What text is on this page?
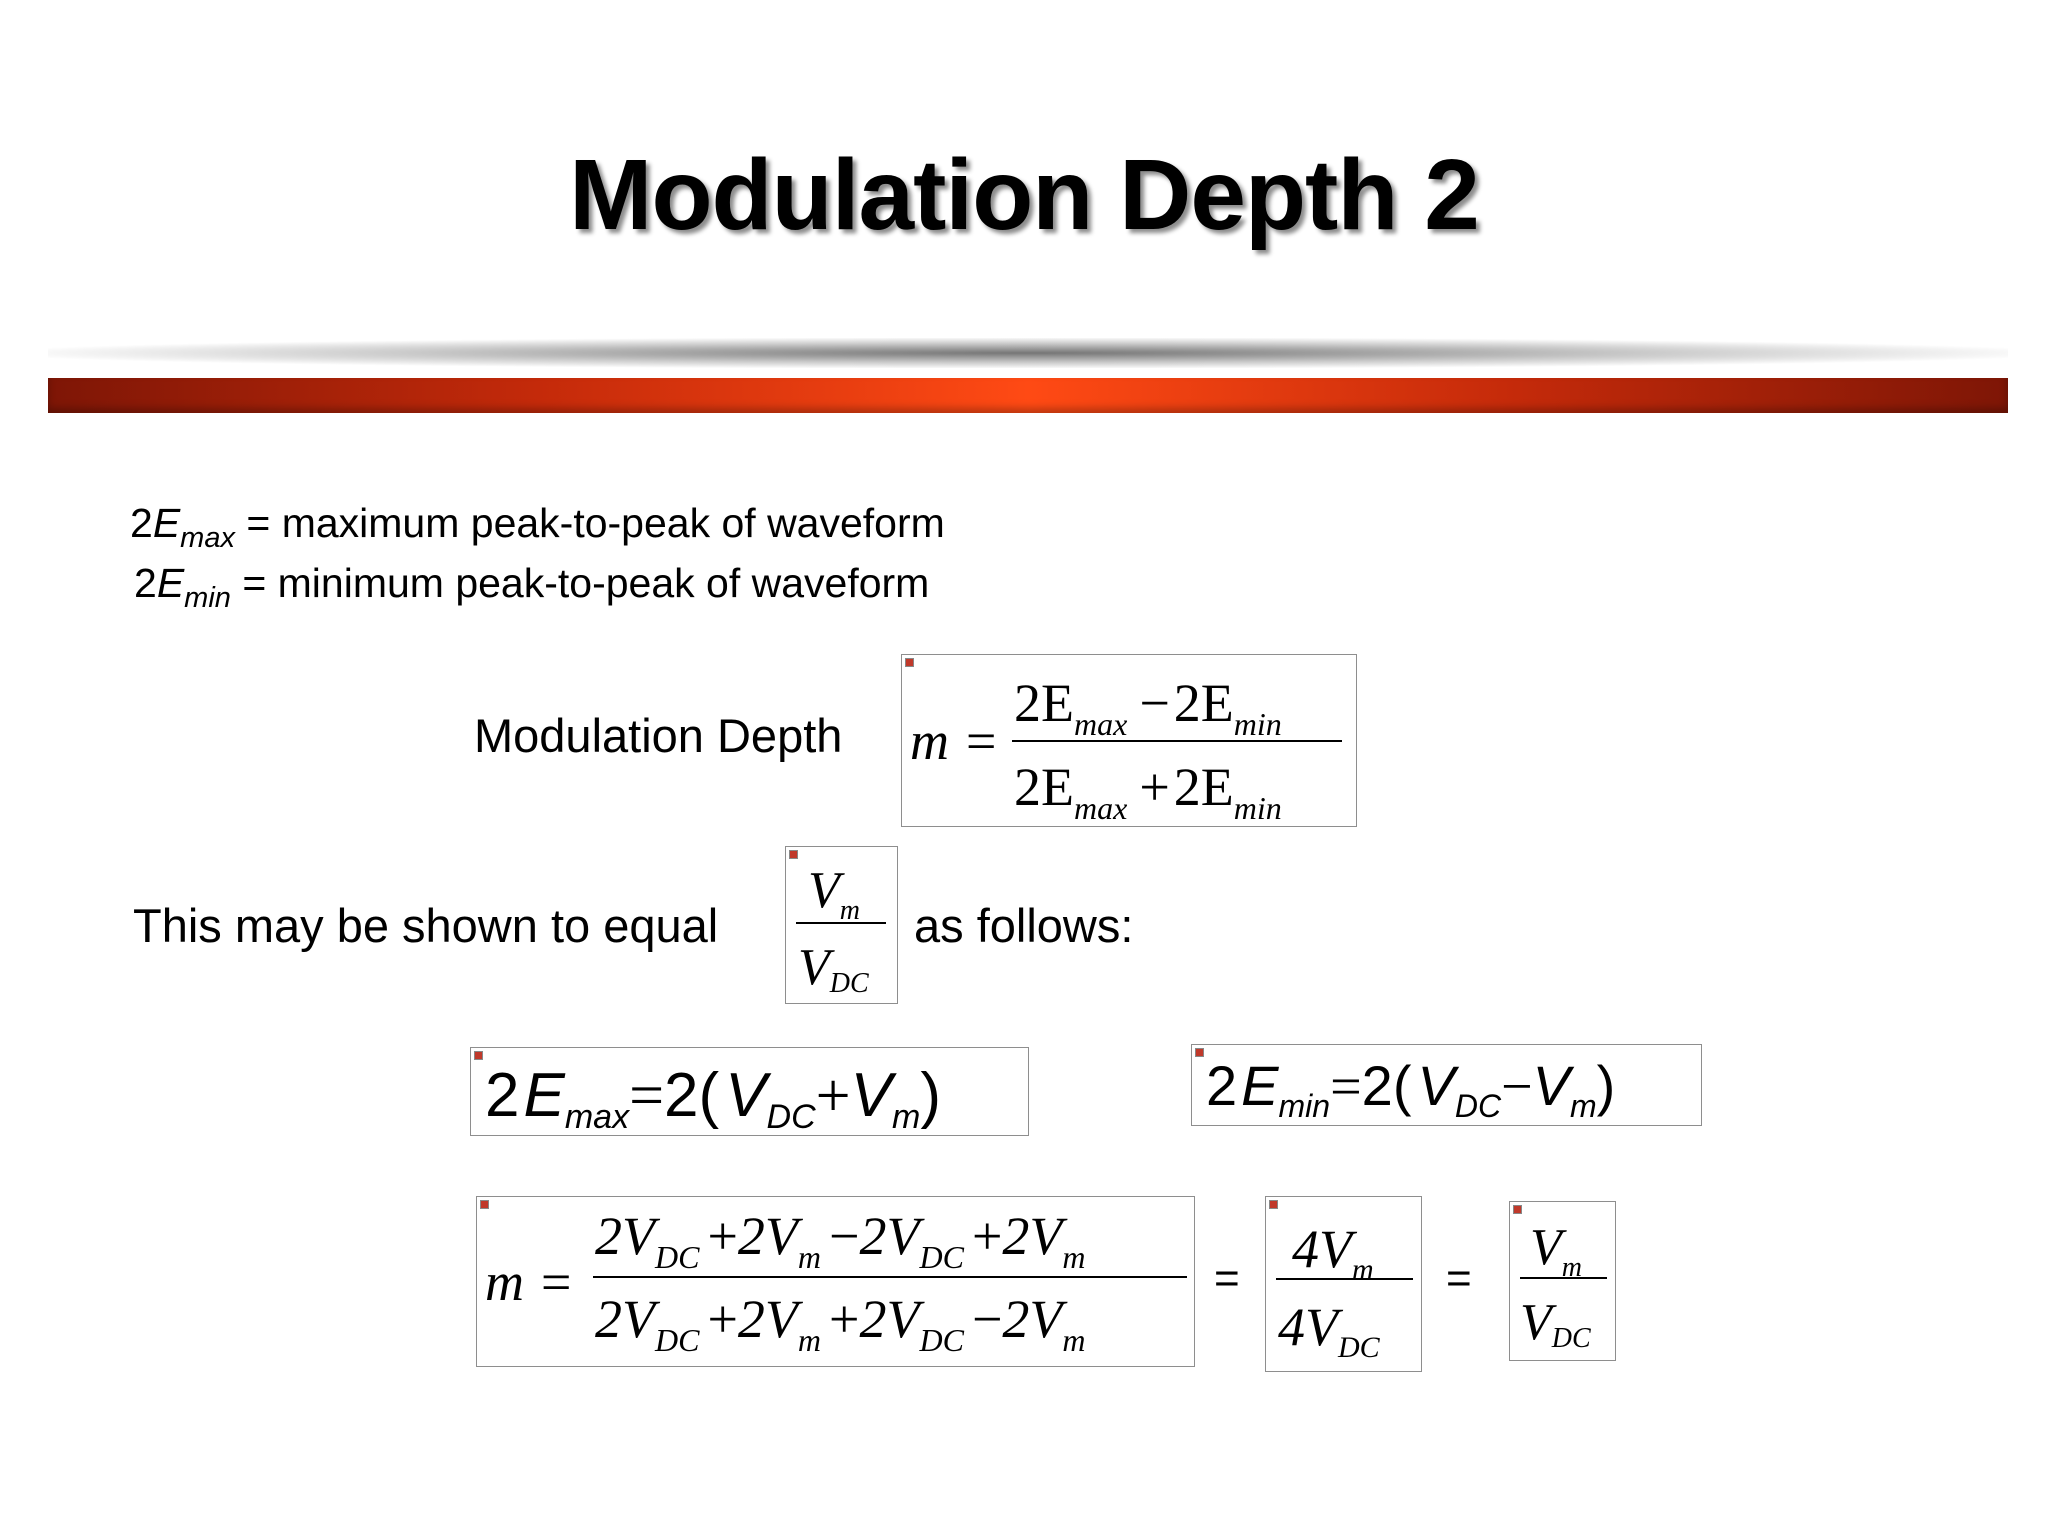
Modulation Depth 2
$2E_{max}$ = maximum peak-to-peak of waveform
$2E_{min}$ = minimum peak-to-peak of waveform
Modulation Depth m =
$2E_{max} -2E_{min}$
$2E_{max} +2E_{min}$
This may be shown to equal
$V_m$
VDC
as follows:
2Emax=2(VDC+Vm)	$2E_{min}=2$( $V_{DC}-V_m$)
m =
$2V_{DC} +2V_m -2V_{DC} +2V_m$
$2V_{DC} +2V_m +2V_{DC} -2V_m$
= $4V_m$
$4V_{DC}$
=
$V_m$
VDC
